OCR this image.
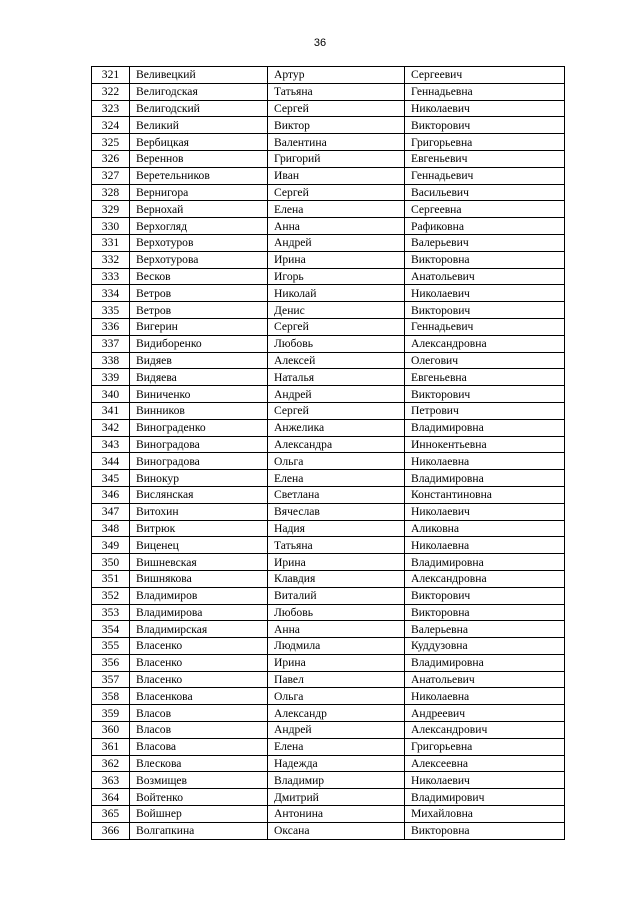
36
321	Веливецкий	Артур	Сергеевич
322	Велигодская	Татьяна	Геннадьевна
323	Велигодский	Сергей	Николаевич
324	Великий	Виктор	Викторович
325	Вербицкая	Валентина	Григорьевна
326	Вереннов	Григорий	Евгеньевич
327	Веретельников	Иван	Геннадьевич
328	Вернигора	Сергей	Васильевич
329	Вернохай	Елена	Сергеевна
330	Верхогляд	Анна	Рафиковна
331	Верхотуров	Андрей	Валерьевич
332	Верхотурова	Ирина	Викторовна
333	Весков	Игорь	Анатольевич
334	Ветров	Николай	Николаевич
335	Ветров	Денис	Викторович
336	Вигерин	Сергей	Геннадьевич
337	Видиборенко	Любовь	Александровна
338	Видяев	Алексей	Олегович
339	Видяева	Наталья	Евгеньевна
340	Виниченко	Андрей	Викторович
341	Винников	Сергей	Петрович
342	Винограденко	Анжелика	Владимировна
343	Виноградова	Александра	Иннокентьевна
344	Виноградова	Ольга	Николаевна
345	Винокур	Елена	Владимировна
346	Вислянская	Светлана	Константиновна
347	Витохин	Вячеслав	Николаевич
348	Витрюк	Надия	Аликовна
349	Виценец	Татьяна	Николаевна
350	Вишневская	Ирина	Владимировна
351	Вишнякова	Клавдия	Александровна
352	Владимиров	Виталий	Викторович
353	Владимирова	Любовь	Викторовна
354	Владимирская	Анна	Валерьевна
355	Власенко	Людмила	Куддузовна
356	Власенко	Ирина	Владимировна
357	Власенко	Павел	Анатольевич
358	Власенкова	Ольга	Николаевна
359	Власов	Александр	Андреевич
360	Власов	Андрей	Александрович
361	Власова	Елена	Григорьевна
362	Влескова	Надежда	Алексеевна
363	Возмищев	Владимир	Николаевич
364	Войтенко	Дмитрий	Владимирович
365	Войшнер	Антонина	Михайловна
366	Волгапкина	Оксана	Викторовна
